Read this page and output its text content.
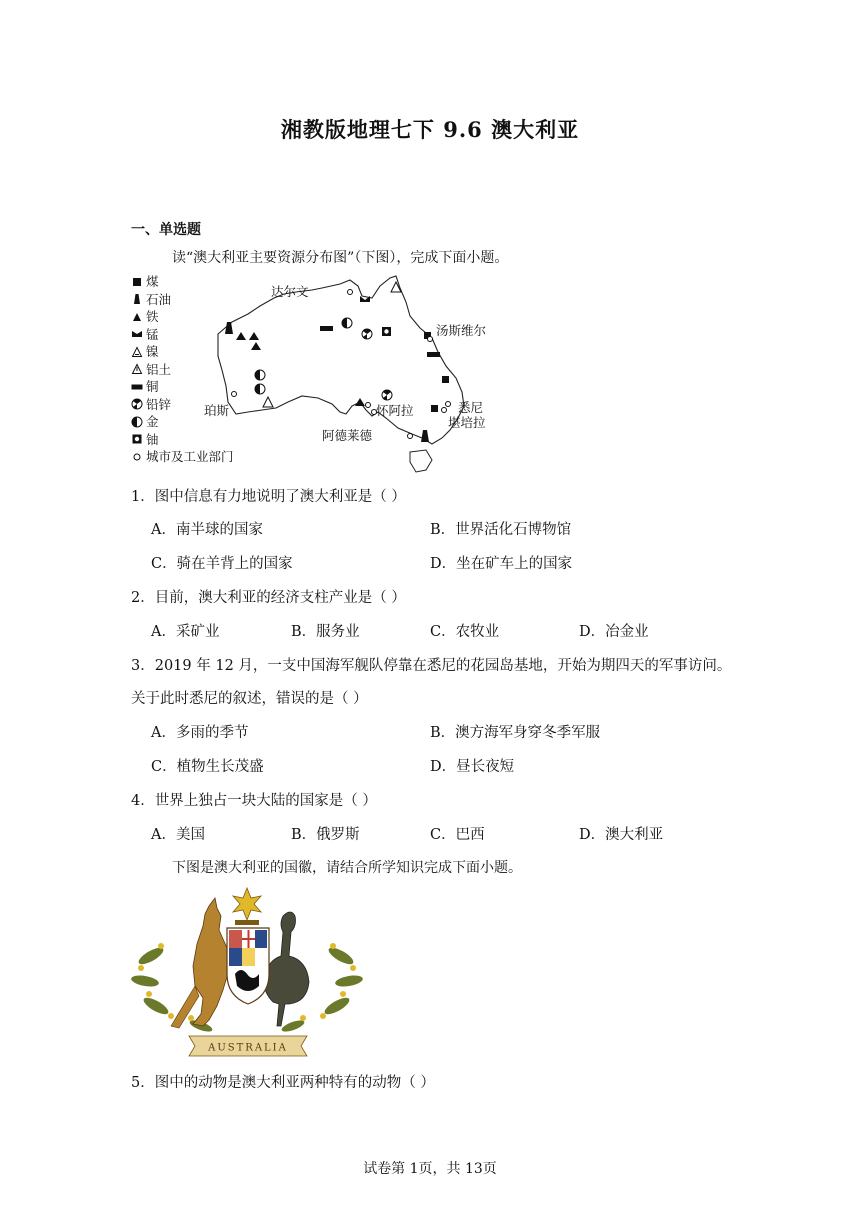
湘教版地理七下 9.6 澳大利亚
一、单选题
读“澳大利亚主要资源分布图”（下图），完成下面小题。
煤
石油
铁
锰
镍
铝土
铜
铅锌
金
铀
城市及工业部门
达尔文
汤斯维尔
珀斯	怀阿拉	悉尼
堪培拉
阿德莱德
1．图中信息有力地说明了澳大利亚是（ ）
A．南半球的国家	B．世界活化石博物馆
C．骑在羊背上的国家	D．坐在矿车上的国家
2．目前，澳大利亚的经济支柱产业是（ ）
A．采矿业	B．服务业	C．农牧业	D．冶金业
3．2019 年 12 月，一支中国海军舰队停靠在悉尼的花园岛基地，开始为期四天的军事访问。
关于此时悉尼的叙述，错误的是（ ）
A．多雨的季节	B．澳方海军身穿冬季军服
C．植物生长茂盛	D．昼长夜短
4．世界上独占一块大陆的国家是（ ）
A．美国	B．俄罗斯	C．巴西	D．澳大利亚
下图是澳大利亚的国徽，请结合所学知识完成下面小题。
AUSTRALIA
5．图中的动物是澳大利亚两种特有的动物（ ）
试卷第 1页，共 13页
